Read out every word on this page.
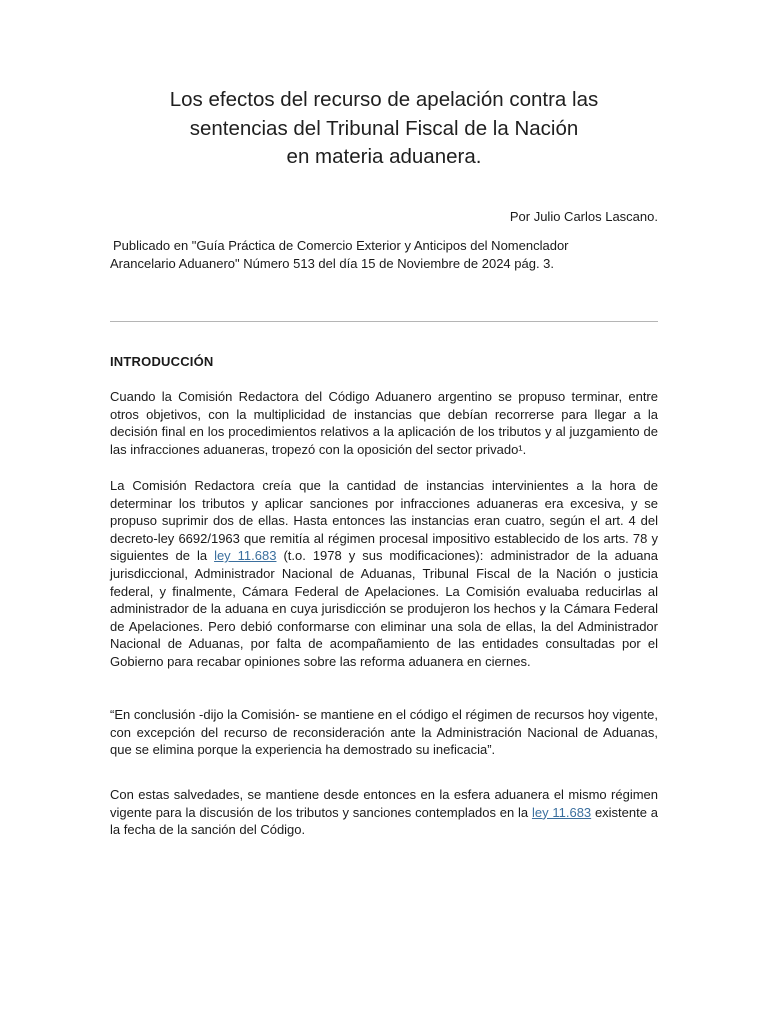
Los efectos del recurso de apelación contra las
sentencias del Tribunal Fiscal de la Nación
en materia aduanera.
Por Julio Carlos Lascano.
Publicado en "Guía Práctica de Comercio Exterior y Anticipos del Nomenclador
Arancelario Aduanero" Número 513 del día 15 de Noviembre de 2024 pág. 3.
INTRODUCCIÓN

Cuando la Comisión Redactora del Código Aduanero argentino se propuso terminar, entre otros objetivos, con la multiplicidad de instancias que debían recorrerse para llegar a la decisión final en los procedimientos relativos a la aplicación de los tributos y al juzgamiento de las infracciones aduaneras, tropezó con la oposición del sector privado¹.

La Comisión Redactora creía que la cantidad de instancias intervinientes a la hora de determinar los tributos y aplicar sanciones por infracciones aduaneras era excesiva, y se propuso suprimir dos de ellas. Hasta entonces las instancias eran cuatro, según el art. 4 del decreto-ley 6692/1963 que remitía al régimen procesal impositivo establecido de los arts. 78 y siguientes de la ley 11.683 (t.o. 1978 y sus modificaciones): administrador de la aduana jurisdiccional, Administrador Nacional de Aduanas, Tribunal Fiscal de la Nación o justicia federal, y finalmente, Cámara Federal de Apelaciones. La Comisión evaluaba reducirlas al administrador de la aduana en cuya jurisdicción se produjeron los hechos y la Cámara Federal de Apelaciones. Pero debió conformarse con eliminar una sola de ellas, la del Administrador Nacional de Aduanas, por falta de acompañamiento de las entidades consultadas por el Gobierno para recabar opiniones sobre las reforma aduanera en ciernes.

“En conclusión -dijo la Comisión- se mantiene en el código el régimen de recursos hoy vigente, con excepción del recurso de reconsideración ante la Administración Nacional de Aduanas, que se elimina porque la experiencia ha demostrado su ineficacia”.

Con estas salvedades, se mantiene desde entonces en la esfera aduanera el mismo régimen vigente para la discusión de los tributos y sanciones contemplados en la ley 11.683 existente a la fecha de la sanción del Código.
